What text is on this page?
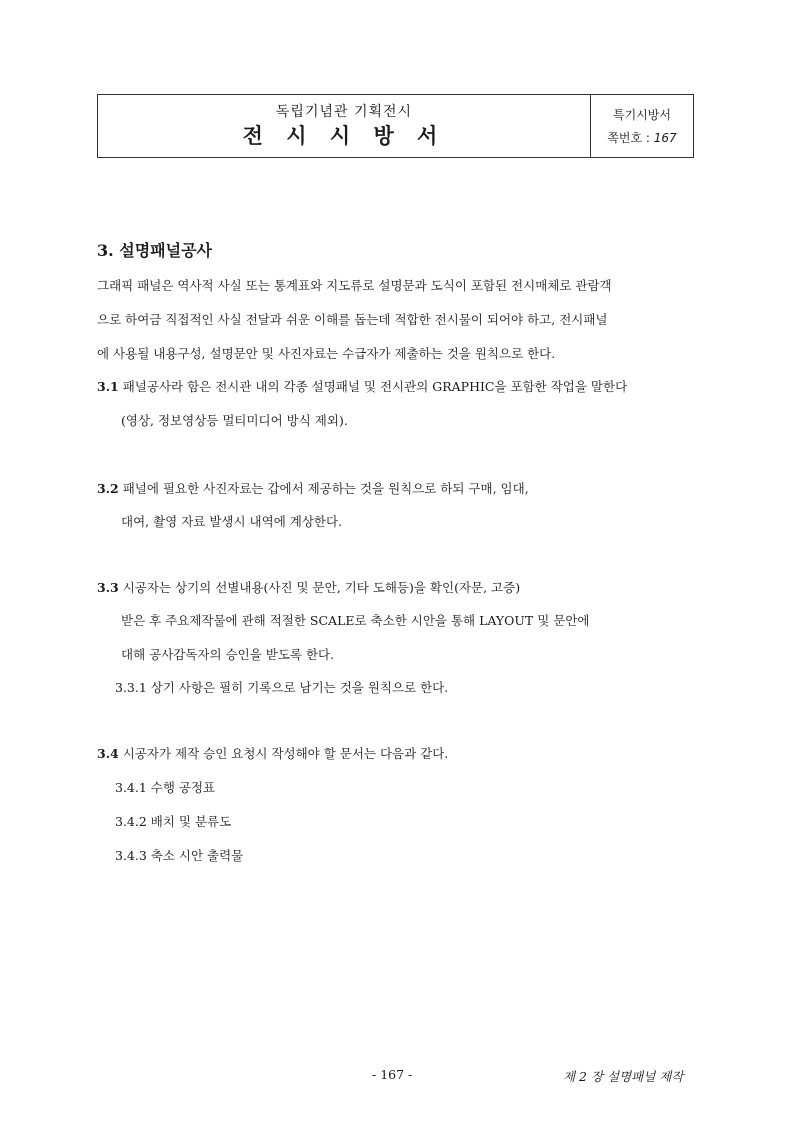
독립기념관 기획전시
전 시 시 방 서
특기시방서
쪽번호 : 167
3. 설명패널공사
그래픽 패널은 역사적 사실 또는 통계표와 지도류로 설명문과 도식이 포함된 전시매체로 관람객
으로 하여금 직접적인 사실 전달과 쉬운 이해를 돕는데 적합한 전시물이 되어야 하고, 전시패널
에 사용될 내용구성, 설명문안 및 사진자료는 수급자가 제출하는 것을 원칙으로 한다.
3.1 패널공사라 함은 전시관 내의 각종 설명패널 및 전시관의 GRAPHIC을 포함한 작업을 말한다
(영상, 정보영상등 멀티미디어 방식 제외).
3.2 패널에 필요한 사진자료는 갑에서 제공하는 것을 원칙으로 하되 구매, 임대,
대여, 촬영 자료 발생시 내역에 계상한다.
3.3 시공자는 상기의 선별내용(사진 및 문안, 기타 도해등)을 확인(자문, 고증)
받은 후 주요제작물에 관해 적절한 SCALE로 축소한 시안을 통해 LAYOUT 및 문안에
대해 공사감독자의 승인을 받도록 한다.
3.3.1 상기 사항은 필히 기록으로 남기는 것을 원칙으로 한다.
3.4 시공자가 제작 승인 요청시 작성해야 할 문서는 다음과 같다.
3.4.1 수행 공정표
3.4.2 배치 및 분류도
3.4.3 축소 시안 출력물
- 167 -	제 2 장 설명패널 제작
